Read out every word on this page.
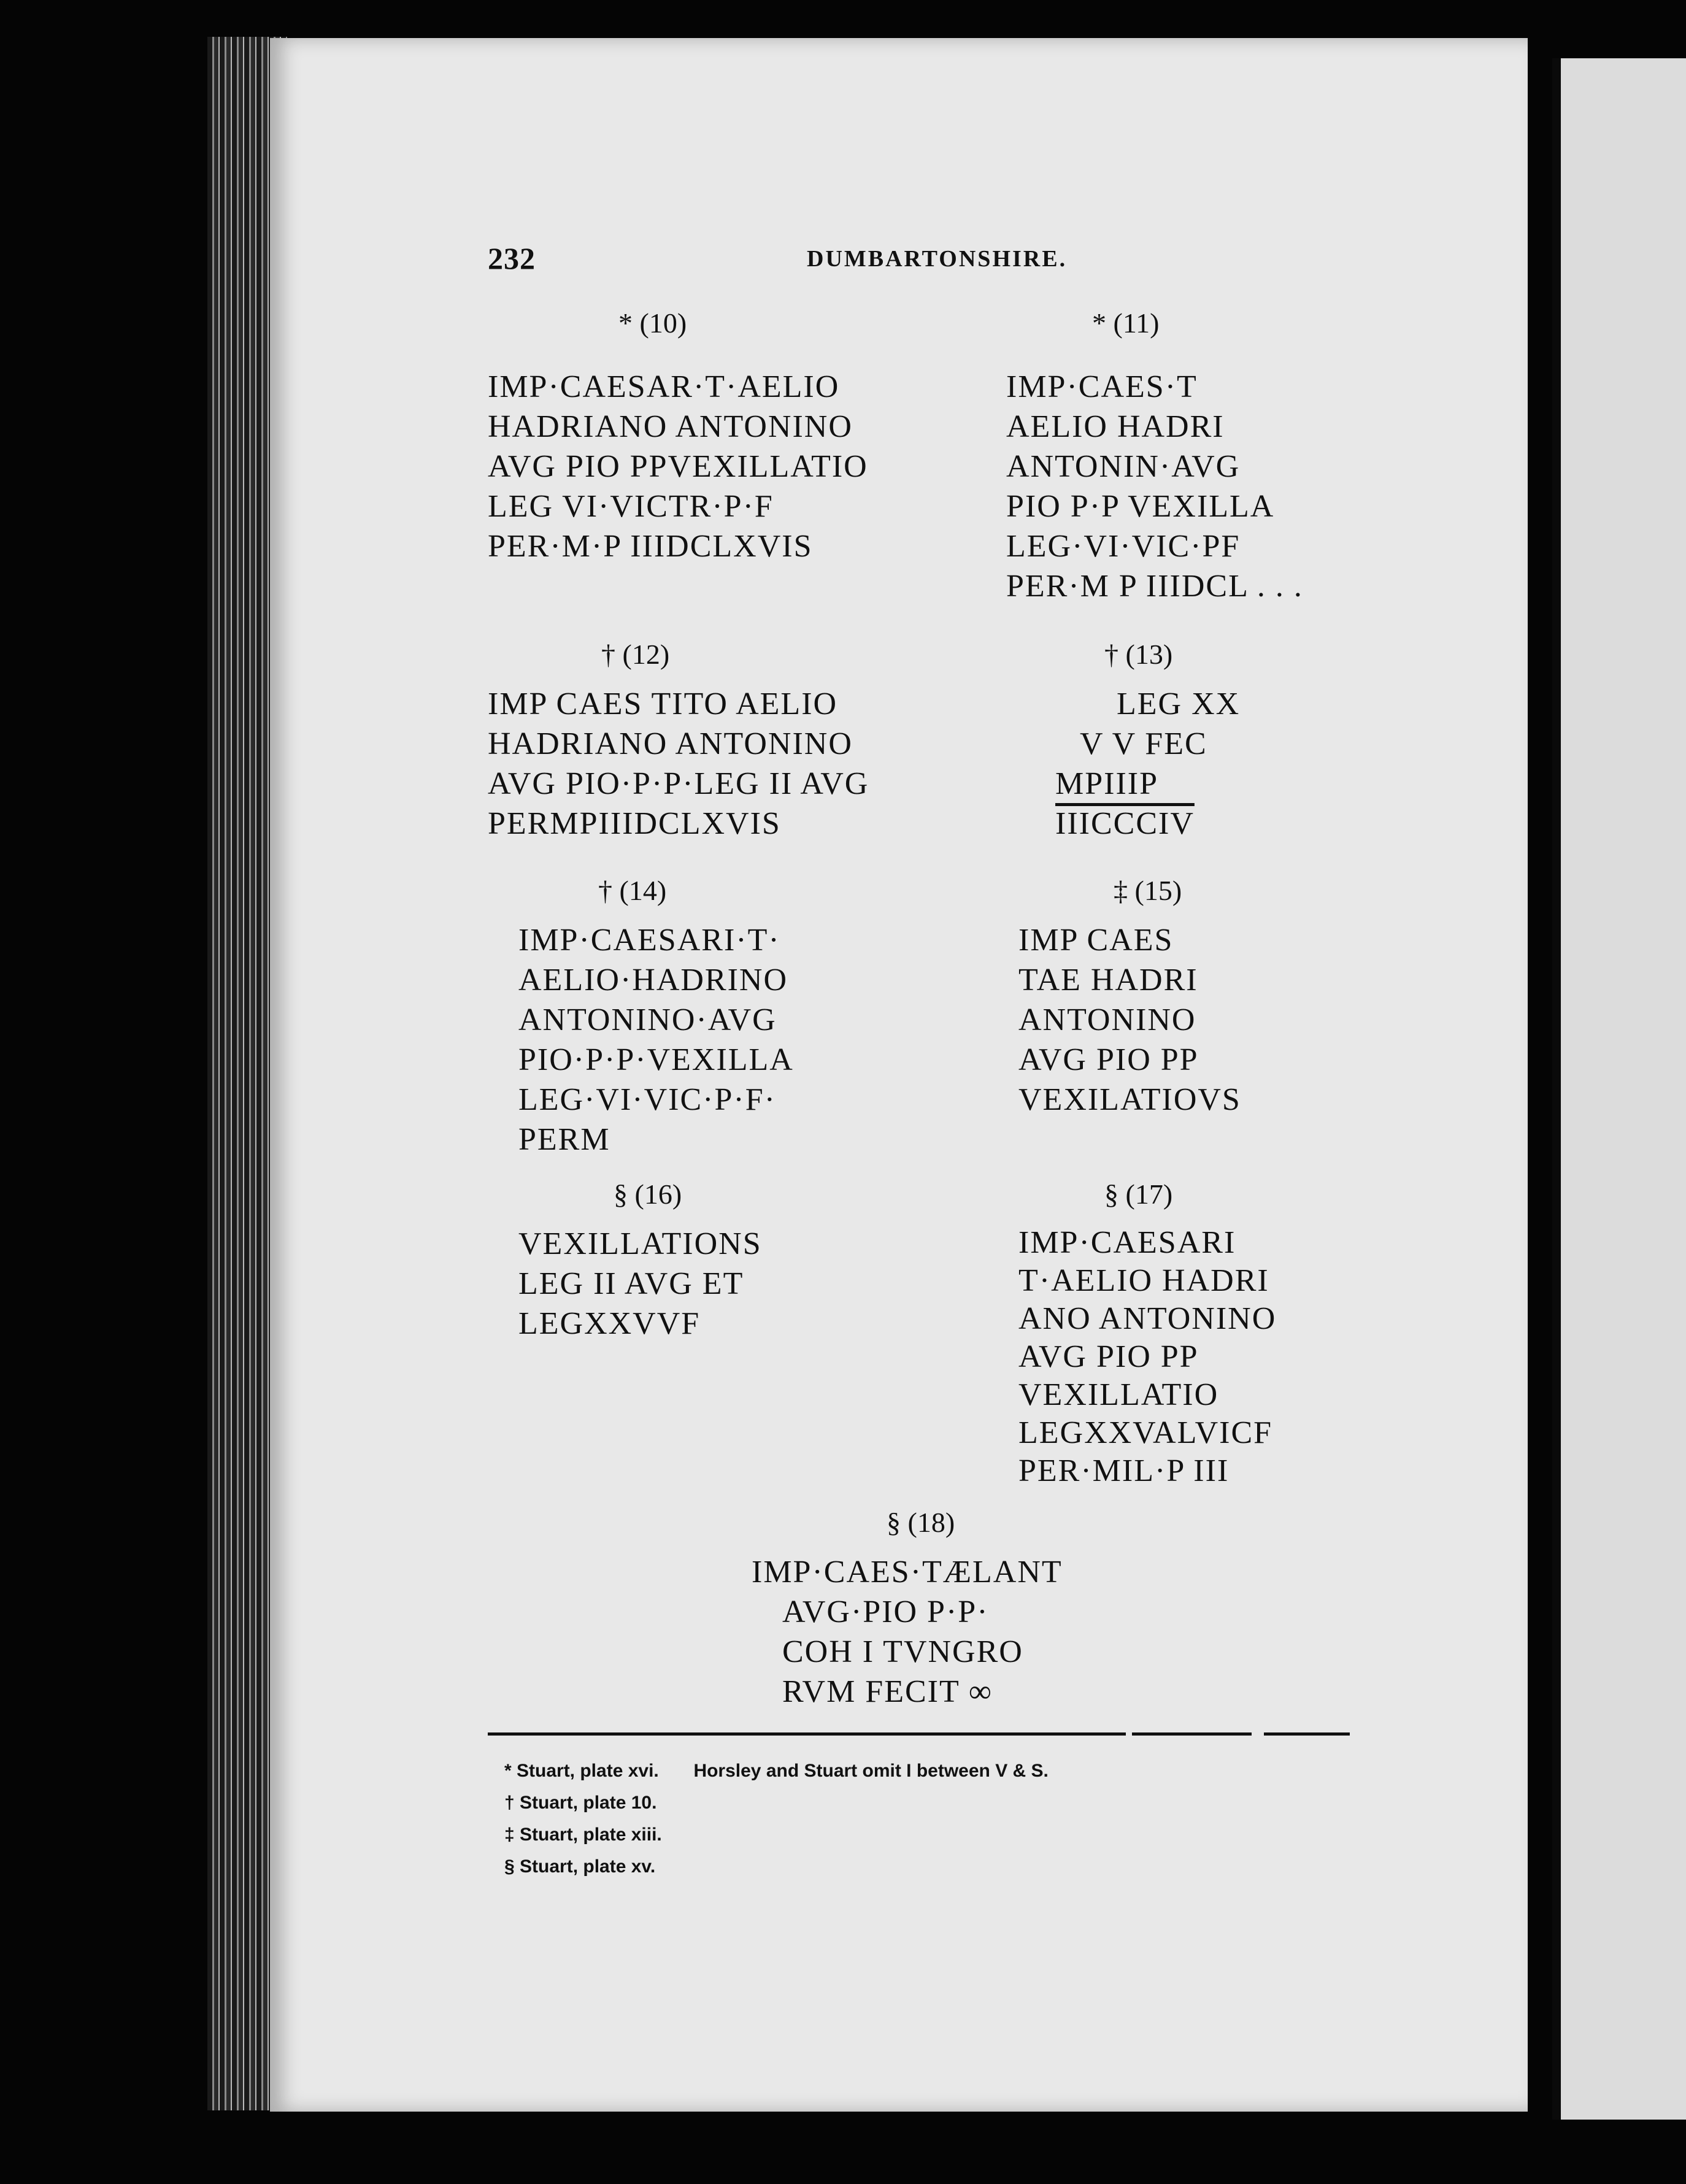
232	DUMBARTONSHIRE.
* (10)
IMP·CAESAR·T·AELIO
HADRIANO ANTONINO
AVG PIO PPVEXILLATIO
LEG VI·VICTR·P·F
PER·M·P IIIDCLXVIS
* (11)
IMP·CAES·T
AELIO HADRI
ANTONIN·AVG
PIO P·P VEXILLA
LEG·VI·VIC·PF
PER·M P IIIDCL . . .
† (12)
IMP CAES TITO AELIO
HADRIANO ANTONINO
AVG PIO·P·P·LEG II AVG
PERMPIIIDCLXVIS
† (13)
LEG XX
V V FEC
MPIIIP
IIICCCIV
† (14)
IMP·CAESARI·T·
AELIO·HADRINO
ANTONINO·AVG
PIO·P·P·VEXILLA
LEG·VI·VIC·P·F·
PERM
‡ (15)
IMP CAES
TAE HADRI
ANTONINO
AVG PIO PP
VEXILATIOVS
§ (16)
VEXILLATIONS
LEG II AVG ET
LEGXXVVF
§ (17)
IMP·CAESARI
T·AELIO HADRI
ANO ANTONINO
AVG PIO PP
VEXILLATIO
LEGXXVALVICF
PER·MIL·P III
§ (18)
IMP·CAES·TÆLANT
AVG·PIO P·P·
COH I TVNGRO
RVM FECIT ∞
* Stuart, plate xvi. Horsley and Stuart omit I between V & S.
† Stuart, plate 10.
‡ Stuart, plate xiii.
§ Stuart, plate xv.
